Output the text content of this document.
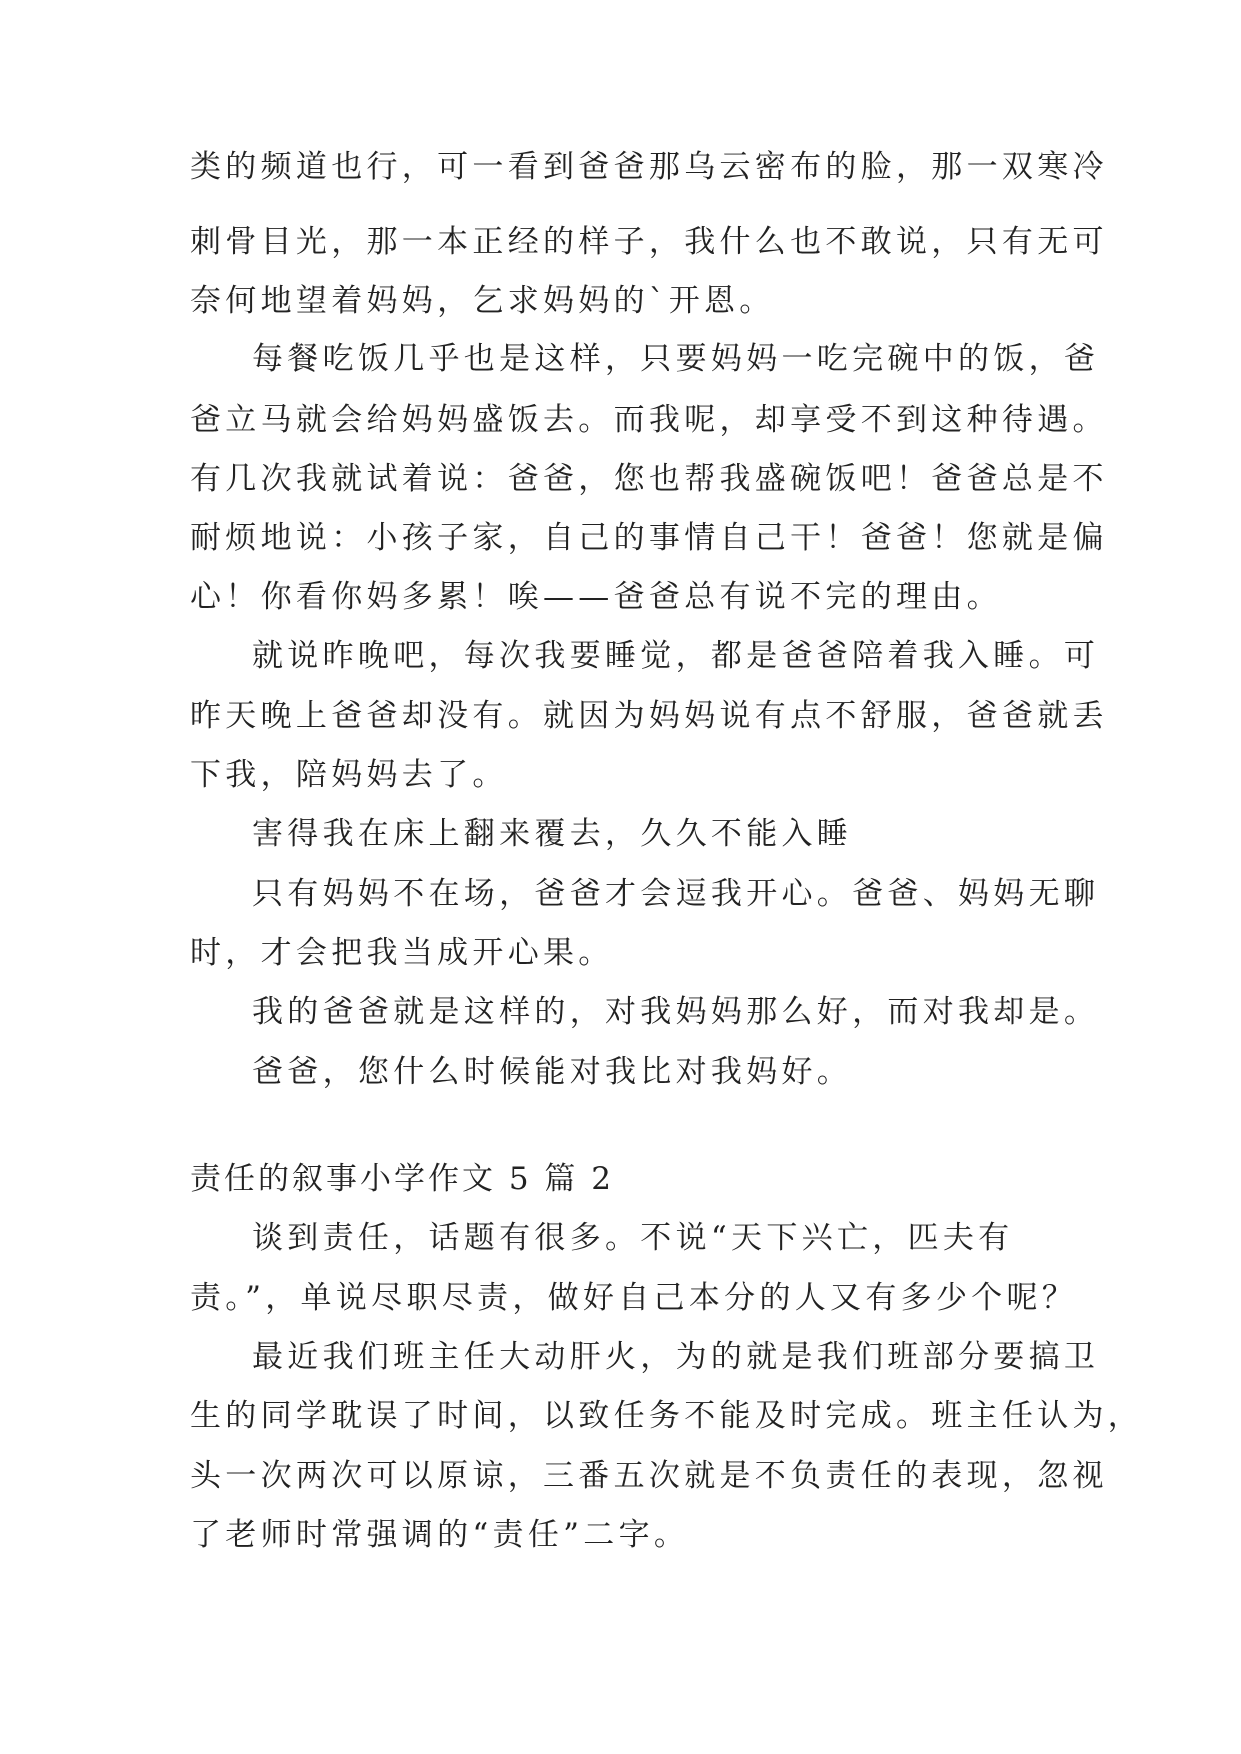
类的频道也行，可一看到爸爸那乌云密布的脸，那一双寒冷
刺骨目光，那一本正经的样子，我什么也不敢说，只有无可
奈何地望着妈妈，乞求妈妈的`开恩。
每餐吃饭几乎也是这样，只要妈妈一吃完碗中的饭，爸
爸立马就会给妈妈盛饭去。而我呢，却享受不到这种待遇。
有几次我就试着说：爸爸，您也帮我盛碗饭吧！爸爸总是不
耐烦地说：小孩子家，自己的事情自己干！爸爸！您就是偏
心！你看你妈多累！唉——爸爸总有说不完的理由。
就说昨晚吧，每次我要睡觉，都是爸爸陪着我入睡。可
昨天晚上爸爸却没有。就因为妈妈说有点不舒服，爸爸就丢
下我，陪妈妈去了。
害得我在床上翻来覆去，久久不能入睡
只有妈妈不在场，爸爸才会逗我开心。爸爸、妈妈无聊
时，才会把我当成开心果。
我的爸爸就是这样的，对我妈妈那么好，而对我却是。
爸爸，您什么时候能对我比对我妈好。
责任的叙事小学作文 5 篇 2
谈到责任，话题有很多。不说“天下兴亡，匹夫有
责。”，单说尽职尽责，做好自己本分的人又有多少个呢？
最近我们班主任大动肝火，为的就是我们班部分要搞卫
生的同学耽误了时间，以致任务不能及时完成。班主任认为，
头一次两次可以原谅，三番五次就是不负责任的表现，忽视
了老师时常强调的“责任”二字。
